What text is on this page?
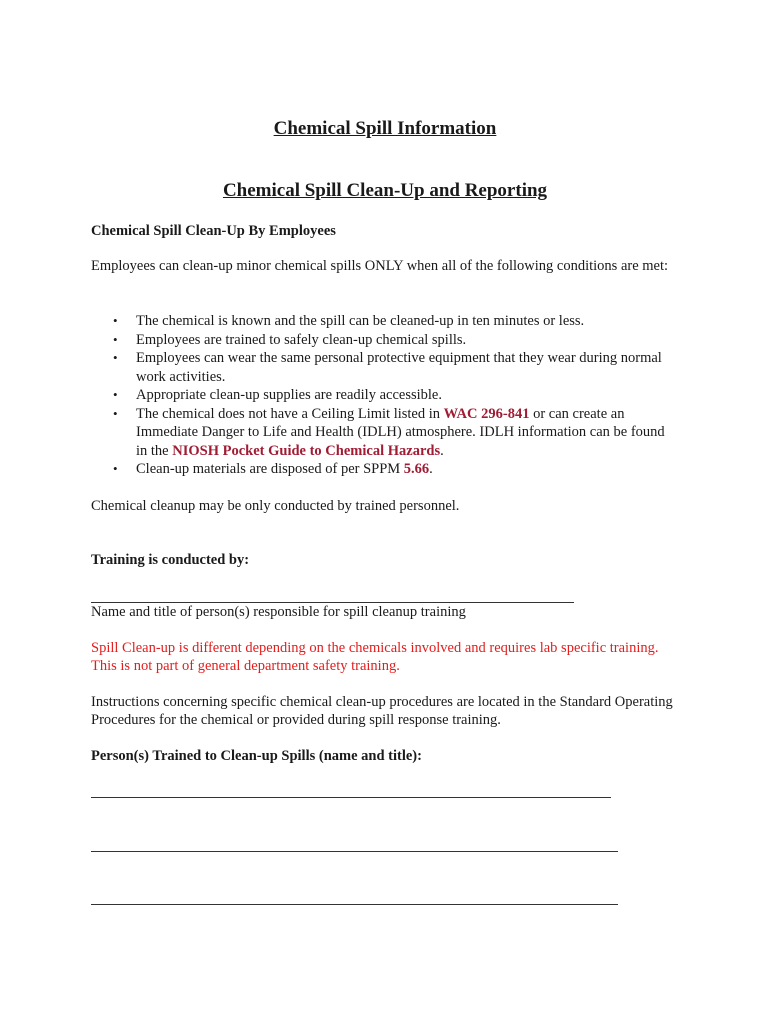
Chemical Spill Information
Chemical Spill Clean-Up and Reporting

Chemical Spill Clean-Up By Employees

Employees can clean-up minor chemical spills ONLY when all of the following conditions are met:

• The chemical is known and the spill can be cleaned-up in ten minutes or less.
• Employees are trained to safely clean-up chemical spills.
• Employees can wear the same personal protective equipment that they wear during normal work activities.
• Appropriate clean-up supplies are readily accessible.
• The chemical does not have a Ceiling Limit listed in WAC 296-841 or can create an Immediate Danger to Life and Health (IDLH) atmosphere. IDLH information can be found in the NIOSH Pocket Guide to Chemical Hazards.
• Clean-up materials are disposed of per SPPM 5.66.

Chemical cleanup may be only conducted by trained personnel.

Training is conducted by:

Name and title of person(s) responsible for spill cleanup training

Spill Clean-up is different depending on the chemicals involved and requires lab specific training. This is not part of general department safety training.

Instructions concerning specific chemical clean-up procedures are located in the Standard Operating Procedures for the chemical or provided during spill response training.

Person(s) Trained to Clean-up Spills (name and title):
